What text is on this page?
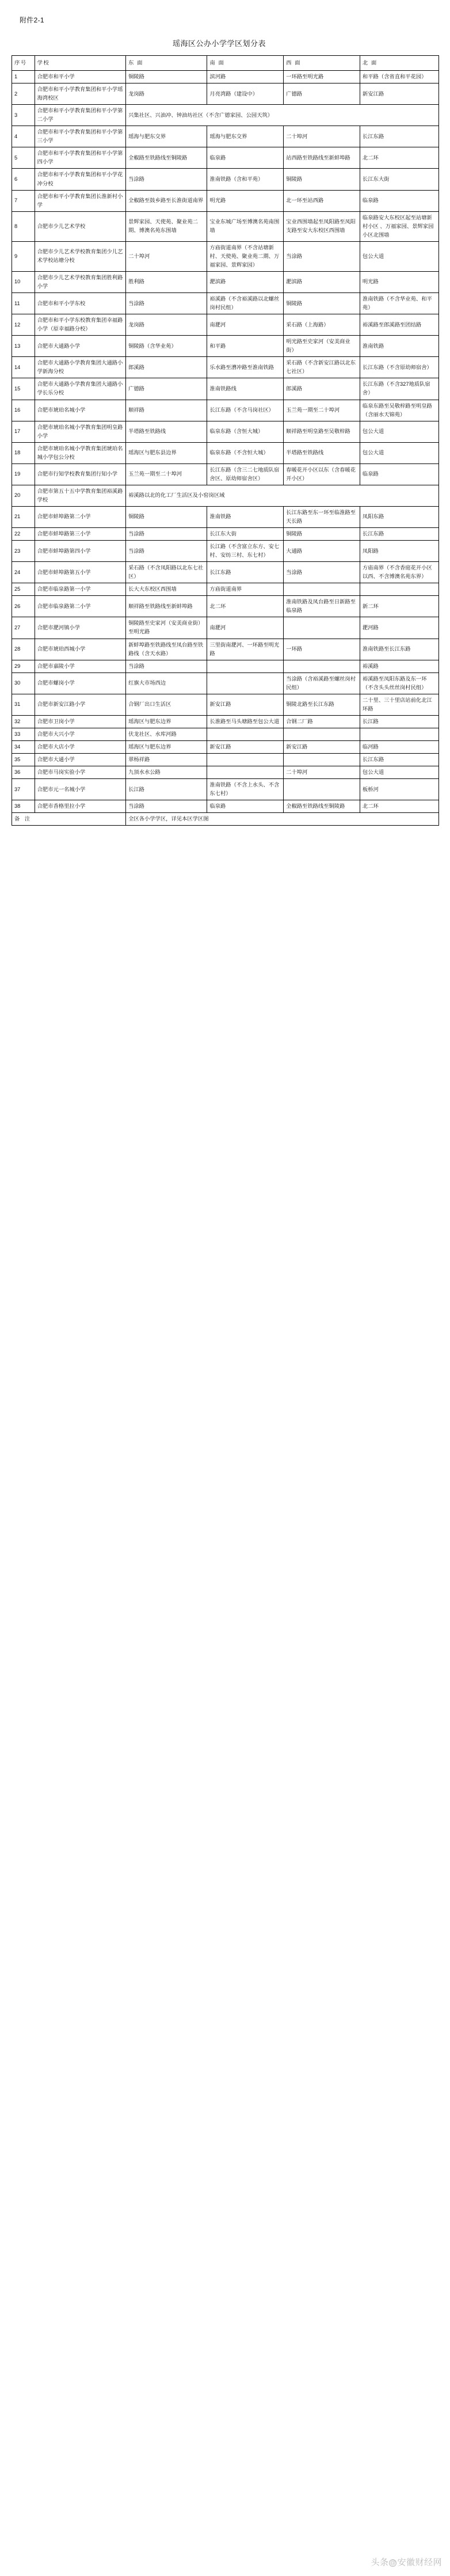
附件2-1
瑶海区公办小学学区划分表
序号	学校	东 面	南 面	西 面	北 面
1	合肥市和平小学	铜陵路	滨河路	一环路至明光路	和平路（含省直和平花园）
2	合肥市和平小学教育集团和平小学瑶海湾校区	龙岗路	月亮湾路（建设中）	广德路	新安江路
3	合肥市和平小学教育集团和平小学第二小学	兴集社区、兴油冲、钟油坊社区（不含广德家园、公园天筑）			
4	合肥市和平小学教育集团和平小学第三小学	瑶海与肥东交界	瑶海与肥东交界	二十埠河	长江东路
5	合肥市和平小学教育集团和平小学第四小学	全椒路至铁路线至铜陵路	临泉路	站西路至铁路线至新蚌埠路	北二环
6	合肥市和平小学教育集团和平小学花冲分校	当涂路	淮南铁路（含和平苑）	铜陵路	长江东大街
7	合肥市和平小学教育集团长淮新村小学	全椒路至鼓乡路至长淮街道南界	明光路	北一环至站西路	临泉路
8	合肥市少儿艺术学校	景辉家园、天使苑、聚业苑二期、博澳名苑东围墙	宝业东城广场至博澳名苑南围墙	宝业西围墙起至凤阳路至凤阳支路至安大东校区西围墙	临泉路安大东校区起至站塘新村小区 、万福家园、景辉家园小区北围墙
9	合肥市少儿艺术学校教育集团少儿艺术学校站塘分校	二十埠河	方庙街道南界（不含站塘新村、天使苑、聚业苑二期、万福家园、景辉家园）	当涂路	包公大道
10	合肥市少儿艺术学校教育集团胜利路小学	胜利路	淝滨路	淝滨路	明光路
11	合肥市和平小学东校	当涂路	裕溪路（不含裕溪路以北螺丝岗村民组）	铜陵路	淮南铁路（不含华业苑、和平苑）
12	合肥市和平小学东校教育集团幸福路小学（原幸福路分校）	龙岗路	南淝河	采石路（上海路）	裕溪路至郎溪路至团结路
13	合肥市大通路小学	铜陵路（含华业苑）	和平路	明光路至史家河（安美商业街）	淮南铁路
14	合肥市大通路小学教育集团大通路小学新海分校	郎溪路	乐水路至漕冲路至淮南铁路	采石路（不含新安江路以北东七社区）	长江东路（不含原幼师宿舍）
15	合肥市大通路小学教育集团大通路小学长乐分校	广德路	淮南铁路线	郎溪路	长江东路（不含327地质队宿舍）
16	合肥市琥珀名城小学	顺祥路	长江东路（不含马岗社区）	玉兰苑一期至二十埠河	临泉东路至吴敬梓路至明皇路（含丽水天锦苑）
17	合肥市琥珀名城小学教育集团明皇路小学	半塔路至铁路线	临泉东路（含恒大城）	顺祥路至明皇路至吴敬梓路	包公大道
18	合肥市琥珀名城小学教育集团琥珀名城小学包公分校	瑶海区与肥东县边界	临泉东路（不含恒大城）	半塔路至铁路线	包公大道
19	合肥市行知学校教育集团行知小学	玉兰苑一期至二十埠河	长江东路（含三二七地质队宿舍区、原幼师宿舍区）	春暖花开小区以东（含春暖花开小区）	临泉路
20	合肥市第五十五中学教育集团裕溪路学校	裕溪路以北的化工厂生活区及小窑岗区域			
21	合肥市蚌埠路第二小学	铜陵路	淮南铁路	长江东路至东一环至临淮路至天长路	凤阳东路
22	合肥市蚌埠路第三小学	当涂路	长江东大街	铜陵路	长江东路
23	合肥市蚌埠路第四小学	当涂路	长江路（不含富立东方、安七村、安纺三村、东七村）	大通路	凤阳路
24	合肥市蚌埠路第五小学	采石路（不含凤阳路以北东七社区）	长江东路	当涂路	方庙南界（不含香庭花开小区以西、不含博澳名苑东界）
25	合肥市临泉路第一小学	长大大东校区西围墙	方庙街道南界		
26	合肥市临泉路第二小学	顺祥路至铁路线至新蚌埠路	北二环	淮南铁路及凤台路至日新路至临泉路	新二环
27	合肥市淝河镇小学	铜陵路至史家河（安美商业街）至明光路	南淝河		淝河路
28	合肥市琥珀西城小学	新蚌埠路至铁路线至凤台路至铁路线（含天水路）	三里街南淝河、一环路至明光路	一环路	淮南铁路至长江东路
29	合肥市嘉陵小学	当涂路			裕溪路
30	合肥市螺岗小学	红旗大市场西边		当涂路（含裕溪路至螺丝岗村民组）	裕溪路至凤阳东路及东一环（不含头头丝丝岗村民组）
31	合肥市新安江路小学	合钢厂出口生活区	新安江路	铜陵北路至长江东路	二十里、三十里店站前化北江环路
32	合肥市卫岗小学	瑶海区与肥东边界	长淮路至马头塘路至包公大道	合钢二厂路	长江路
33	合肥市大兴小学	伏龙社区、水库河路			
34	合肥市大店小学	瑶海区与肥东边界	新安江路	新安江路	临河路
35	合肥市大通小学	翠杨祥路			长江东路
36	合肥市马岗实验小学	九顶水水公路		二十埠河	包公大道
37	合肥市元一名城小学	长江路	淮南铁路（不含上水头、不含东七村）		板桥河
38	合肥市香格里拉小学	当涂路	临泉路	全椒路至铁路线至铜陵路	北二环
备 注		全区各小学学区，详见本区学区图			
头条 @ 安徽财经网
